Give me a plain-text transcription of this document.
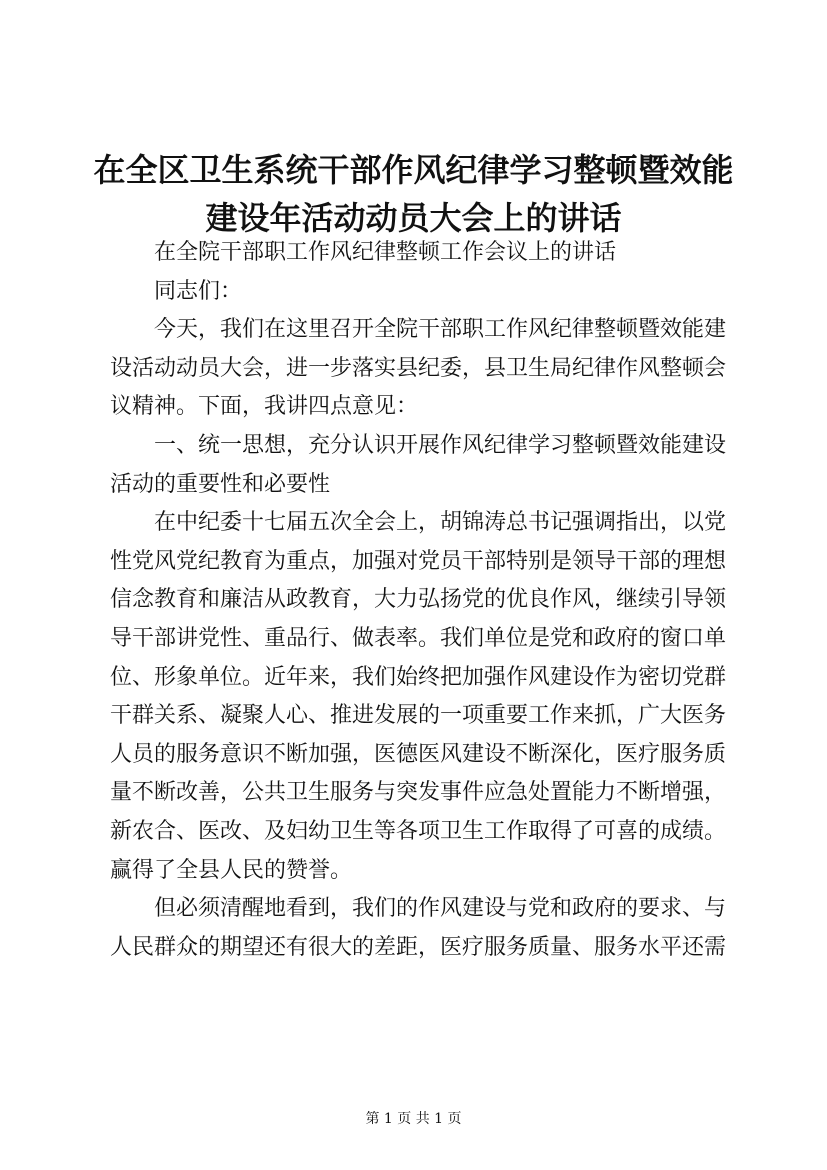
在全区卫生系统干部作风纪律学习整顿暨效能
建设年活动动员大会上的讲话
在全院干部职工作风纪律整顿工作会议上的讲话
同志们：
今天，我们在这里召开全院干部职工作风纪律整顿暨效能建
设活动动员大会，进一步落实县纪委，县卫生局纪律作风整顿会
议精神。下面，我讲四点意见：
一、统一思想，充分认识开展作风纪律学习整顿暨效能建设
活动的重要性和必要性
在中纪委十七届五次全会上，胡锦涛总书记强调指出，以党
性党风党纪教育为重点，加强对党员干部特别是领导干部的理想
信念教育和廉洁从政教育，大力弘扬党的优良作风，继续引导领
导干部讲党性、重品行、做表率。我们单位是党和政府的窗口单
位、形象单位。近年来，我们始终把加强作风建设作为密切党群
干群关系、凝聚人心、推进发展的一项重要工作来抓，广大医务
人员的服务意识不断加强，医德医风建设不断深化，医疗服务质
量不断改善，公共卫生服务与突发事件应急处置能力不断增强，
新农合、医改、及妇幼卫生等各项卫生工作取得了可喜的成绩。
赢得了全县人民的赞誉。
但必须清醒地看到，我们的作风建设与党和政府的要求、与
人民群众的期望还有很大的差距，医疗服务质量、服务水平还需
第 1 页 共 1 页
